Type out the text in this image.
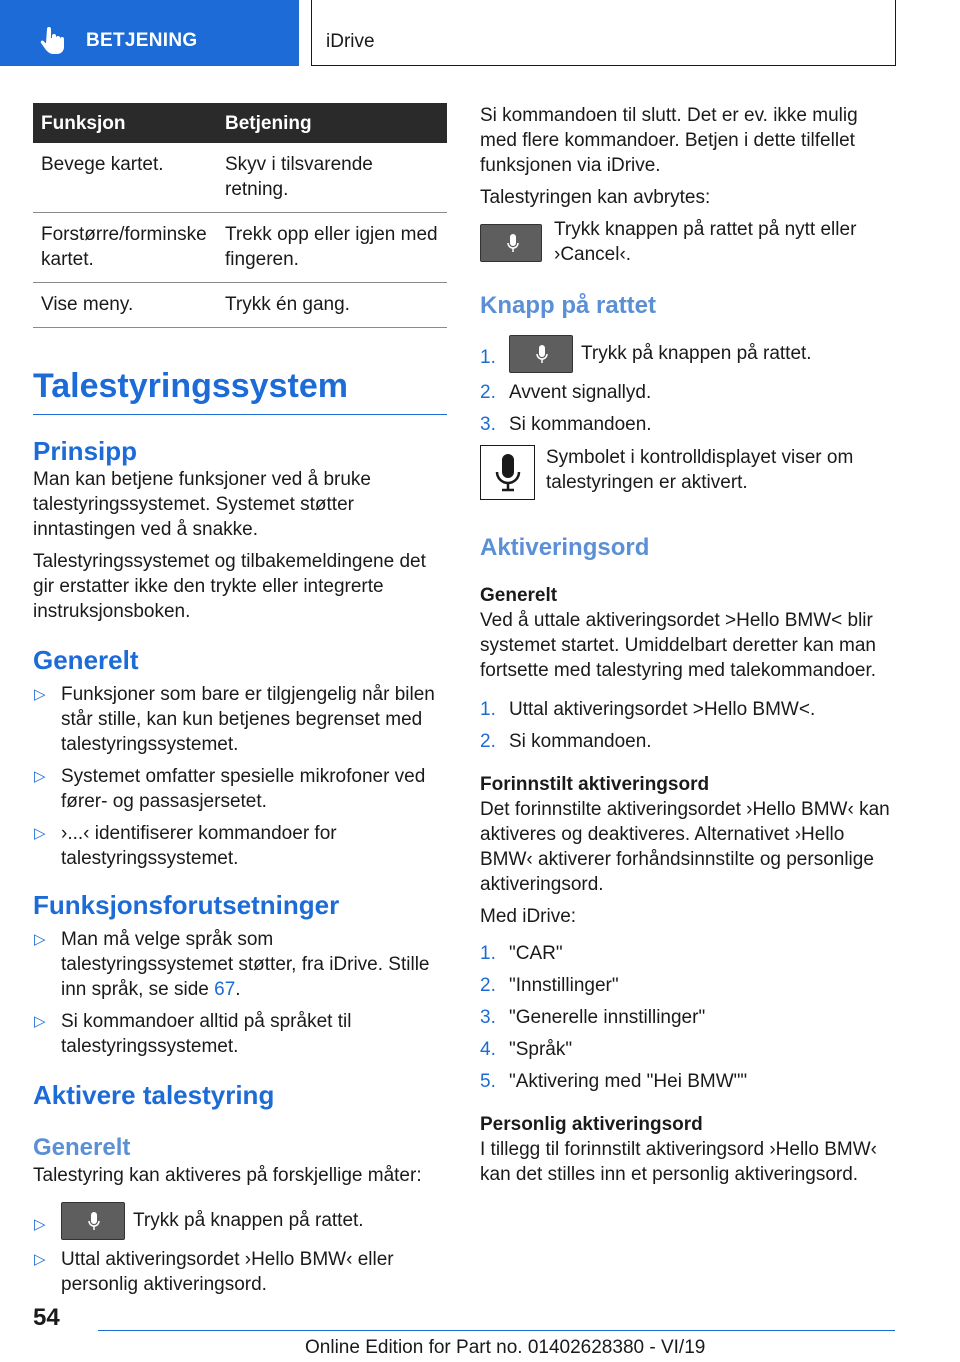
BETJENING	iDrive
Funksjon	Betjening
Bevege kartet.	Skyv i tilsvarende retning.
Forstørre/forminske kartet.	Trekk opp eller igjen med fingeren.
Vise meny.	Trykk én gang.
Talestyringssystem
Prinsipp

Man kan betjene funksjoner ved å bruke talestyringssystemet. Systemet støtter inntastingen ved å snakke.

Talestyringssystemet og tilbakemeldingene det gir erstatter ikke den trykte eller integrerte instruksjonsboken.

Generelt
▷ Funksjoner som bare er tilgjengelig når bilen står stille, kan kun betjenes begrenset med talestyringssystemet.
▷ Systemet omfatter spesielle mikrofoner ved fører- og passasjersetet.
▷ ›...‹ identifiserer kommandoer for talestyringssystemet.
Funksjonsforutsetninger
▷ Man må velge språk som talestyringssystemet støtter, fra iDrive. Stille inn språk, se side 67.
▷ Si kommandoer alltid på språket til talestyringssystemet.
Aktivere talestyring
Generelt

Talestyring kan aktiveres på forskjellige måter:

▷	Trykk på knappen på rattet.
▷ Uttal aktiveringsordet ›Hello BMW‹ eller personlig aktiveringsord.

Si kommandoen til slutt. Det er ev. ikke mulig med flere kommandoer. Betjen i dette tilfellet funksjonen via iDrive.

Talestyringen kan avbrytes:

Trykk knappen på rattet på nytt eller ›Cancel‹.
Knapp på rattet
1.	Trykk på knappen på rattet.
2. Avvent signallyd.
3. Si kommandoen.
Symbolet i kontrolldisplayet viser om talestyringen er aktivert.
Aktiveringsord
Generelt

Ved å uttale aktiveringsordet >Hello BMW< blir systemet startet. Umiddelbart deretter kan man fortsette med talestyring med talekommandoer.

1. Uttal aktiveringsordet >Hello BMW<.
2. Si kommandoen.
Forinnstilt aktiveringsord

Det forinnstilte aktiveringsordet ›Hello BMW‹ kan aktiveres og deaktiveres. Alternativet ›Hello BMW‹ aktiverer forhåndsinnstilte og personlige aktiveringsord.

Med iDrive:

1. "CAR"
2. "Innstillinger"
3. "Generelle innstillinger"
4. "Språk"
5. "Aktivering med "Hei BMW""
Personlig aktiveringsord

I tillegg til forinnstilt aktiveringsord ›Hello BMW‹ kan det stilles inn et personlig aktiveringsord.

54
Online Edition for Part no. 01402628380 - VI/19
